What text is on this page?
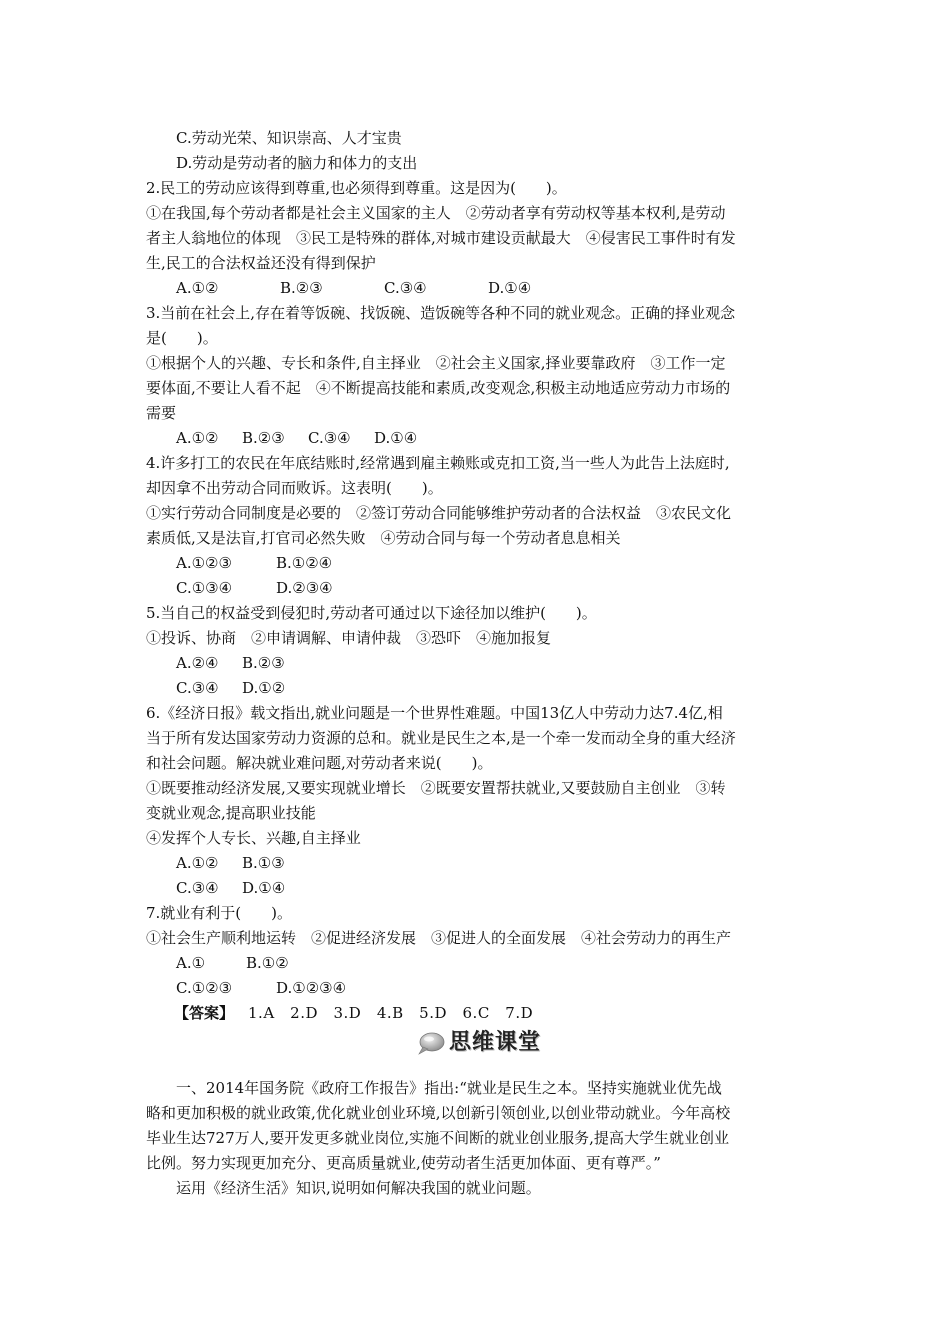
C.劳动光荣、知识崇高、人才宝贵
D.劳动是劳动者的脑力和体力的支出
2.民工的劳动应该得到尊重,也必须得到尊重。这是因为(　　)。
①在我国,每个劳动者都是社会主义国家的主人　②劳动者享有劳动权等基本权利,是劳动
者主人翁地位的体现　③民工是特殊的群体,对城市建设贡献最大　④侵害民工事件时有发
生,民工的合法权益还没有得到保护
A.①②	B.②③	C.③④	D.①④
3.当前在社会上,存在着等饭碗、找饭碗、造饭碗等各种不同的就业观念。正确的择业观念
是(　　)。
①根据个人的兴趣、专长和条件,自主择业　②社会主义国家,择业要靠政府　③工作一定
要体面,不要让人看不起　④不断提高技能和素质,改变观念,积极主动地适应劳动力市场的
需要
A.①② B.②③ C.③④ D.①④
4.许多打工的农民在年底结账时,经常遇到雇主赖账或克扣工资,当一些人为此告上法庭时,
却因拿不出劳动合同而败诉。这表明(　　)。
①实行劳动合同制度是必要的　②签订劳动合同能够维护劳动者的合法权益　③农民文化
素质低,又是法盲,打官司必然失败　④劳动合同与每一个劳动者息息相关
A.①②③	B.①②④
C.①③④	D.②③④
5.当自己的权益受到侵犯时,劳动者可通过以下途径加以维护(　　)。
①投诉、协商　②申请调解、申请仲裁　③恐吓　④施加报复
A.②④ B.②③
C.③④ D.①②
6.《经济日报》载文指出,就业问题是一个世界性难题。中国13亿人中劳动力达7.4亿,相
当于所有发达国家劳动力资源的总和。就业是民生之本,是一个牵一发而动全身的重大经济
和社会问题。解决就业难问题,对劳动者来说(　　)。
①既要推动经济发展,又要实现就业增长　②既要安置帮扶就业,又要鼓励自主创业　③转
变就业观念,提高职业技能
④发挥个人专长、兴趣,自主择业
A.①② B.①③
C.③④ D.①④
7.就业有利于(　　)。
①社会生产顺利地运转　②促进经济发展　③促进人的全面发展　④社会劳动力的再生产
A.①	B.①②
C.①②③	D.①②③④
【答案】 1.A　2.D　3.D　4.B　5.D　6.C　7.D
思维课堂
一、2014年国务院《政府工作报告》指出:“就业是民生之本。坚持实施就业优先战
略和更加积极的就业政策,优化就业创业环境,以创新引领创业,以创业带动就业。今年高校
毕业生达727万人,要开发更多就业岗位,实施不间断的就业创业服务,提高大学生就业创业
比例。努力实现更加充分、更高质量就业,使劳动者生活更加体面、更有尊严。”
运用《经济生活》知识,说明如何解决我国的就业问题。
